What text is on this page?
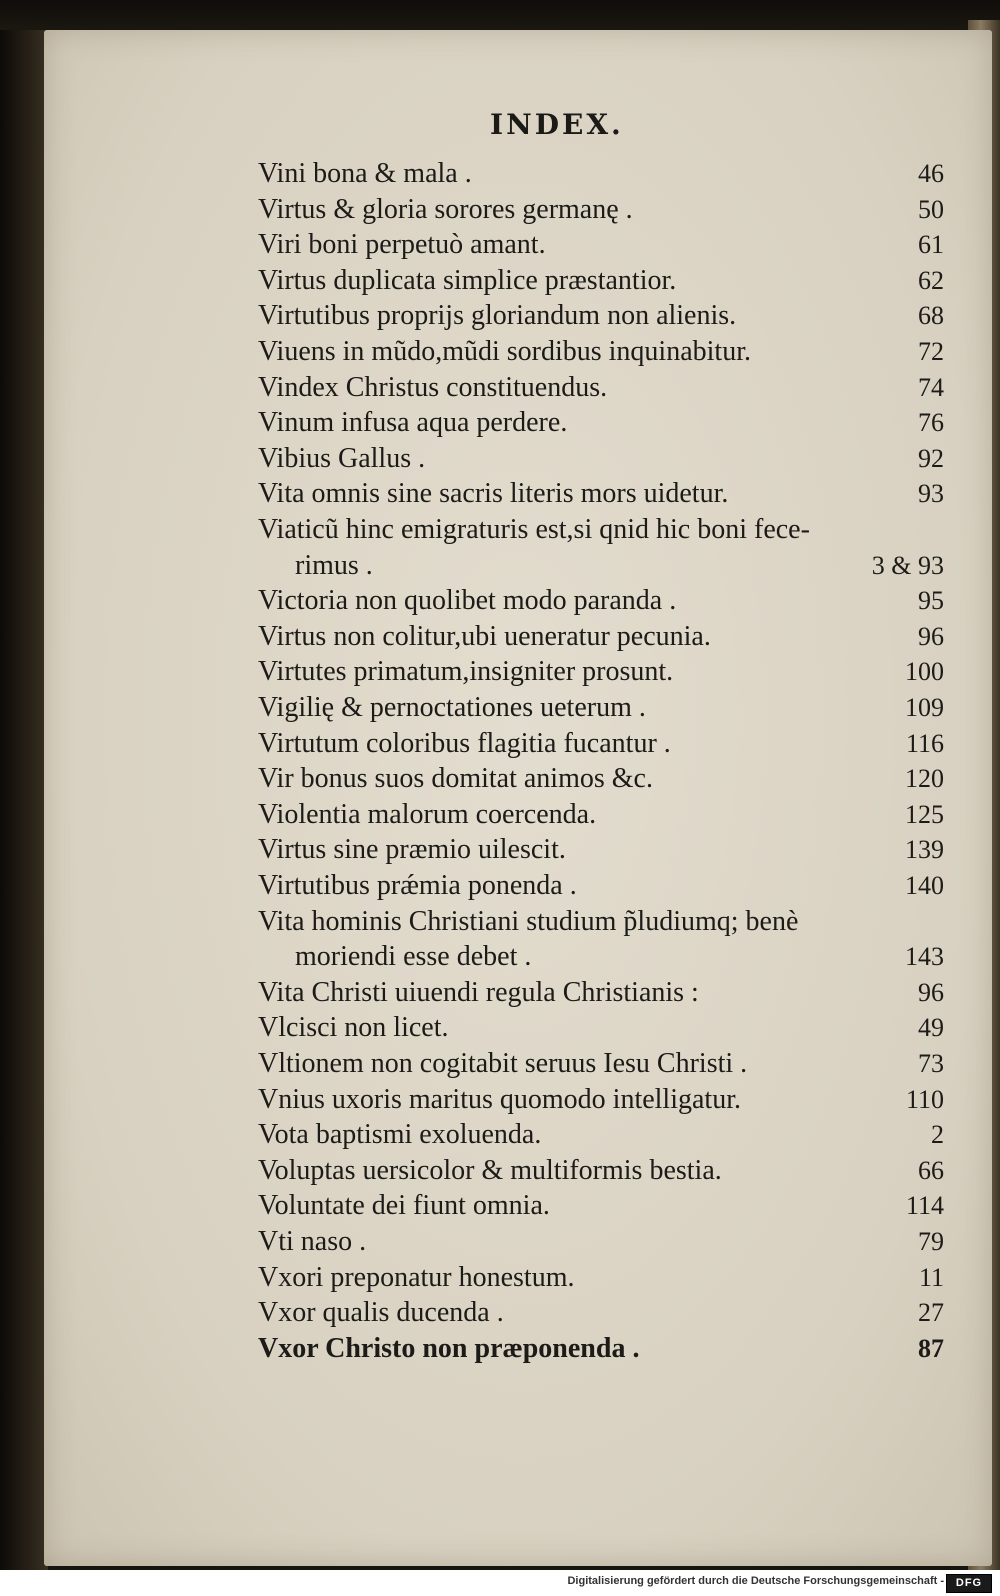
INDEX.
Vini bona & mala .	46
Virtus & gloria sorores germanę .	50
Viri boni perpetuò amant.	61
Virtus duplicata simplice præstantior.	62
Virtutibus proprijs gloriandum non alienis.	68
Viuens in mũdo,mũdi sordibus inquinabitur.	72
Vindex Christus constituendus.	74
Vinum infusa aqua perdere.	76
Vibius Gallus .	92
Vita omnis sine sacris literis mors uidetur.	93
Viaticũ hinc emigraturis est,si qnid hic boni fece-
rimus .	3 & 93
Victoria non quolibet modo paranda .	95
Virtus non colitur,ubi ueneratur pecunia.	96
Virtutes primatum,insigniter prosunt.	100
Vigilię & pernoctationes ueterum .	109
Virtutum coloribus flagitia fucantur .	116
Vir bonus suos domitat animos &c.	120
Violentia malorum coercenda.	125
Virtus sine præmio uilescit.	139
Virtutibus prǽmia ponenda .	140
Vita hominis Christiani studium p̃ludiumq; benè
moriendi esse debet .	143
Vita Christi uiuendi regula Christianis :	96
Vlcisci non licet.	49
Vltionem non cogitabit seruus Iesu Christi .	73
Vnius uxoris maritus quomodo intelligatur.	110
Vota baptismi exoluenda.	2
Voluptas uersicolor & multiformis bestia.	66
Voluntate dei fiunt omnia.	114
Vti naso .	79
Vxori preponatur honestum.	11
Vxor qualis ducenda .	27
Vxor Christo non præponenda .	87
Digitalisierung gefördert durch die Deutsche Forschungsgemeinschaft -	DFG
